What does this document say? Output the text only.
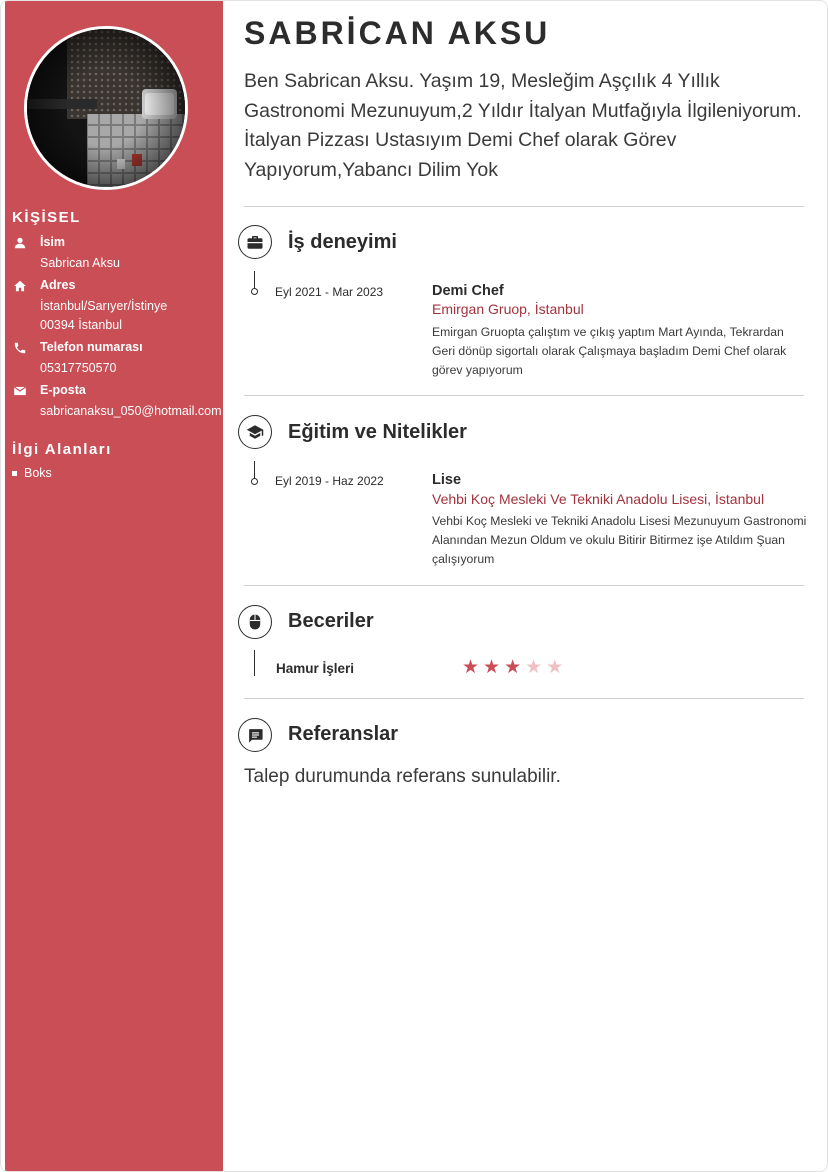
KİŞİSEL
İsim
Sabrican Aksu
Adres
İstanbul/Sarıyer/İstinye
00394 İstanbul
Telefon numarası
05317750570
E-posta
sabricanaksu_050@hotmail.com
İlgi Alanları
Boks
SABRİCAN AKSU
Ben Sabrican Aksu. Yaşım 19, Mesleğim Aşçılık 4 Yıllık Gastronomi Mezunuyum,2 Yıldır İtalyan Mutfağıyla İlgileniyorum. İtalyan Pizzası Ustasıyım Demi Chef olarak Görev Yapıyorum,Yabancı Dilim Yok
İş deneyimi
Eyl 2021 - Mar 2023	Demi Chef
Emirgan Gruop, İstanbul
Emirgan Gruopta çalıştım ve çıkış yaptım Mart Ayında, Tekrardan Geri dönüp sigortalı olarak Çalışmaya başladım Demi Chef olarak görev yapıyorum
Eğitim ve Nitelikler
Eyl 2019 - Haz 2022	Lise
Vehbi Koç Mesleki Ve Tekniki Anadolu Lisesi, İstanbul
Vehbi Koç Mesleki ve Tekniki Anadolu Lisesi Mezunuyum Gastronomi Alanından Mezun Oldum ve okulu Bitirir Bitirmez işe Atıldım Şuan çalışıyorum
Beceriler
Hamur İşleri	★ ★ ★ ★ ★
Referanslar
Talep durumunda referans sunulabilir.
